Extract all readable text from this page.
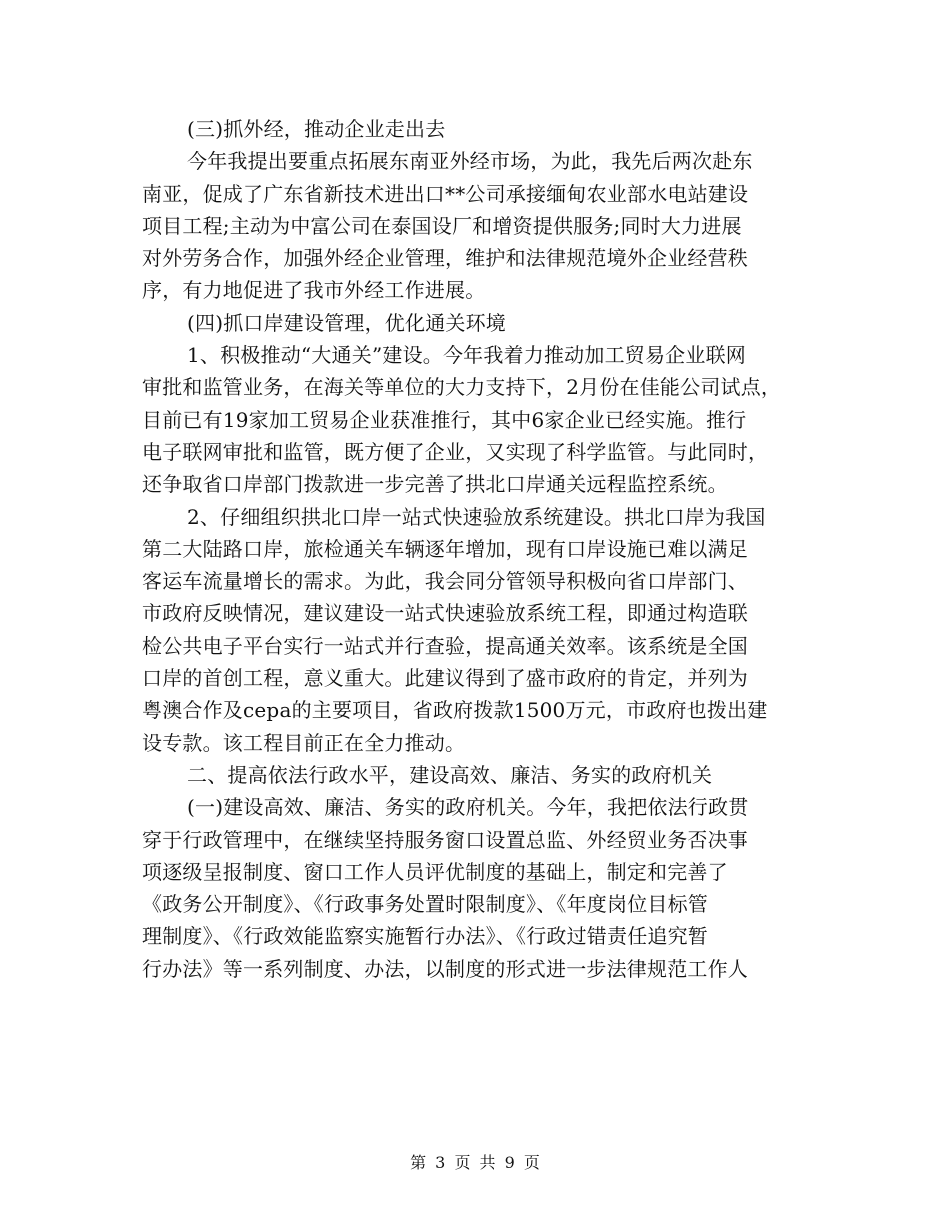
(三)抓外经，推动企业走出去
今年我提出要重点拓展东南亚外经市场，为此，我先后两次赴东
南亚，促成了广东省新技术进出口**公司承接缅甸农业部水电站建设
项目工程;主动为中富公司在泰国设厂和增资提供服务;同时大力进展
对外劳务合作，加强外经企业管理，维护和法律规范境外企业经营秩
序，有力地促进了我市外经工作进展。
(四)抓口岸建设管理，优化通关环境
1、积极推动“大通关”建设。今年我着力推动加工贸易企业联网
审批和监管业务，在海关等单位的大力支持下，2月份在佳能公司试点，
目前已有19家加工贸易企业获准推行，其中6家企业已经实施。推行
电子联网审批和监管，既方便了企业，又实现了科学监管。与此同时，
还争取省口岸部门拨款进一步完善了拱北口岸通关远程监控系统。
2、仔细组织拱北口岸一站式快速验放系统建设。拱北口岸为我国
第二大陆路口岸，旅检通关车辆逐年增加，现有口岸设施已难以满足
客运车流量增长的需求。为此，我会同分管领导积极向省口岸部门、
市政府反映情况，建议建设一站式快速验放系统工程，即通过构造联
检公共电子平台实行一站式并行查验，提高通关效率。该系统是全国
口岸的首创工程，意义重大。此建议得到了盛市政府的肯定，并列为
粤澳合作及cepa的主要项目，省政府拨款1500万元，市政府也拨出建
设专款。该工程目前正在全力推动。
二、提高依法行政水平，建设高效、廉洁、务实的政府机关
(一)建设高效、廉洁、务实的政府机关。今年，我把依法行政贯
穿于行政管理中，在继续坚持服务窗口设置总监、外经贸业务否决事
项逐级呈报制度、窗口工作人员评优制度的基础上，制定和完善了
《政务公开制度》、《行政事务处置时限制度》、《年度岗位目标管
理制度》、《行政效能监察实施暂行办法》、《行政过错责任追究暂
行办法》等一系列制度、办法，以制度的形式进一步法律规范工作人
第 3 页 共 9 页
